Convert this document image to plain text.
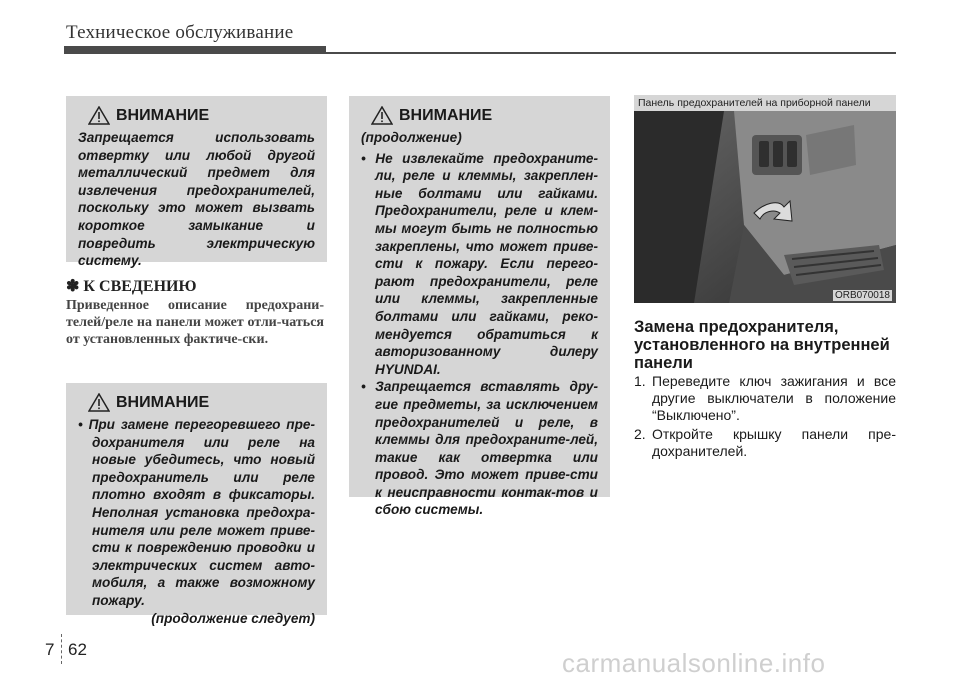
Техническое обслуживание
ВНИМАНИЕ

Запрещается использовать отвертку или любой другой металлический предмет для извлечения предохранителей, поскольку это может вызвать короткое замыкание и повредить электрическую систему.

✽ К СВЕДЕНИЮ
Приведенное описание предохрани-телей/реле на панели может отли-чаться от установленных фактиче-ски.
ВНИМАНИЕ

• При замене перегоревшего пре-дохранителя или реле на новые убедитесь, что новый предохранитель или реле плотно входят в фиксаторы. Неполная установка предохра-нителя или реле может приве-сти к повреждению проводки и электрических систем авто-мобиля, а также возможному пожару.

(продолжение следует)

ВНИМАНИЕ

(продолжение)

• Не извлекайте предохраните-ли, реле и клеммы, закреплен-ные болтами или гайками. Предохранители, реле и клем-мы могут быть не полностью закреплены, что может приве-сти к пожару. Если перего-рают предохранители, реле или клеммы, закрепленные болтами или гайками, реко-мендуется обратиться к авторизованному дилеру HYUNDAI.

• Запрещается вставлять дру-гие предметы, за исключением предохранителей и реле, в клеммы для предохраните-лей, такие как отвертка или провод. Это может приве-сти к неисправности контак-тов и сбою системы.

Панель предохранителей на приборной панели
ORB070018
Замена предохранителя, установленного на внутренней панели
1. Переведите ключ зажигания и все другие выключатели в положение “Выключено”.
2. Откройте крышку панели пре-дохранителей.
7 62	carmanualsonline.info
